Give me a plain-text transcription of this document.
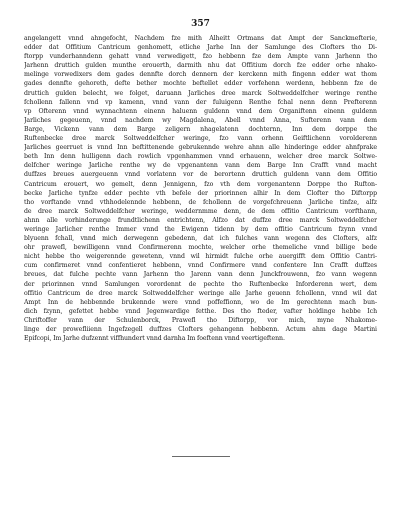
357
angelangett vnnd ahngefocht, Nachdem fze mith Alheitt Ortmans dat Ampt der Sanckmefterie,
edder dat Offitium Cantricum genhomett, etliche Jarhe Inn der Samlunge des Clofters tho Di-
ftorpp vunderhanndenn gehatt vnnd verwedigett, fzo hebbenn fze dem Ampte vann Jarhenn tho
Jarhenn druttich gulden munthe erouerth, darmith nhu dat Offitium dorch fze edder orhe nhako-
melinge vorwedixers dem gades dennfte dorch dennern der kerckenn mith fingenn edder wat thom
gades dennfte gehoreth, defte bether mochte beftellet edder vorfehenn werdenn, hebbenn fze de
druttich gulden belecht, we folget, daruann Jarliches dree marck Soltweddelfcher weringe renthe
fchollenn fallenn vnd vp kamenn, vnnd vann der fuluigenn Renthe fchal nenn denn Prefterenn
vp Ofterenn vnnd wynnachtenn einenn haluenn guldenn vnnd dem Organiftenn einenn guldenn
Jarliches gegeuenn, vnnd nachdem wy Magdalena, Abell vnnd Anna, Sufterenn vann dem
Barge, Vickenn vann dem Barge zeligern nhagelatenn dochternn, Inn dem dorppe the
Ruftenbecke dree marck Soltweddelfcher weringe, fzo vann orhenn Geiftlichenn vorolderenn
Jarliches geerruet is vnnd Inn beftittenende gebrukennde wehre ahnn alle hinderinge edder ahnfprake
beth Inn denn hulligenn dach rowlich vpgenhammen vnnd erhauenn, welcher dree marck Soltwe-
delfcher weringe Jarliche renthe wy de vpgenantenn vann dem Barge Inn Crafft vnnd macht
duffzes breues auergeuenn vnnd vorlatenn vor de berortenn druttich guldenn vann dem Offitio
Cantricum erouert, wo gemelt, denn Jennigenn, fzo vth dem vorgenantenn Dorppe tho Rufton-
becke Jarliche tynfze edder pechte vth befele der priorinnen alhir In dem Clofter tho Diftorpp
tho vorftande vnnd vthhodelennde hebbenn, de fchollenn de vorgefchreuenn Jarliche tinfze, alfz
de dree marck Soltweddelfcher weringe, weddernmme denn, de dem offitio Cantricum vorfthann,
ahnn alle vorhinderunge frundtlichenn entrichtenn, Alfzo dat duffze dree marck Soltweddelfcher
weringe Jarlicher renthe Immer vnnd the Ewigenn tidenn by dem offitio Cantricum fzynn vnnd
blyuenn fchall, vnnd mich derwegenn gebedenn, dat ich fulches vann wegenn des Clofters, alfz
ohr prawefl, bewilligenn vnnd Confirmerenn mochte, welcher orhe themeliche vnnd billige bede
nicht hebbe tho weigerennde gewetenn, vnnd wil hirmidt fulche orhe auergifft dem Offitio Cantri-
cum confirmeret vnnd confentieret hebbenn, vnnd Confirmere vnnd confentere Inn Crafft duffzes
breues, dat fulche pechte vann Jarhenn tho Jarenn vann denn Junckfrouwenn, fzo vann wegenn
der priorinnen vnnd Samlungen vorordennt de pechte tho Ruftenbecke Inforderenn wert, dem
offitio Cantricum de dree marck Soltweddelfcher weringe alle Jarhe geuenn fchollenn, vnnd wil dat
Ampt Inn de hebbennde brukennde were vnnd poffeffionn, wo de Im gerechtenn mach bun-
dich fzynn, gefettet hebbe vnnd Jegenwardige fetthe. Des tho fteder, vafter holdinge hebbe Ich
Chriftoffer vann der Schulenborck, Prawefl tho Diftorpp, vor mich, myne Nhakome-
linge der prowefliienn Ingefzegell duffzes Clofters gehangenn hebbenn. Actum ahm dage Martini
Epifcopi, Im Jarhe dufzennt viffhundert vnnd darnha Im foeftenn vnnd veertigeftenn.
